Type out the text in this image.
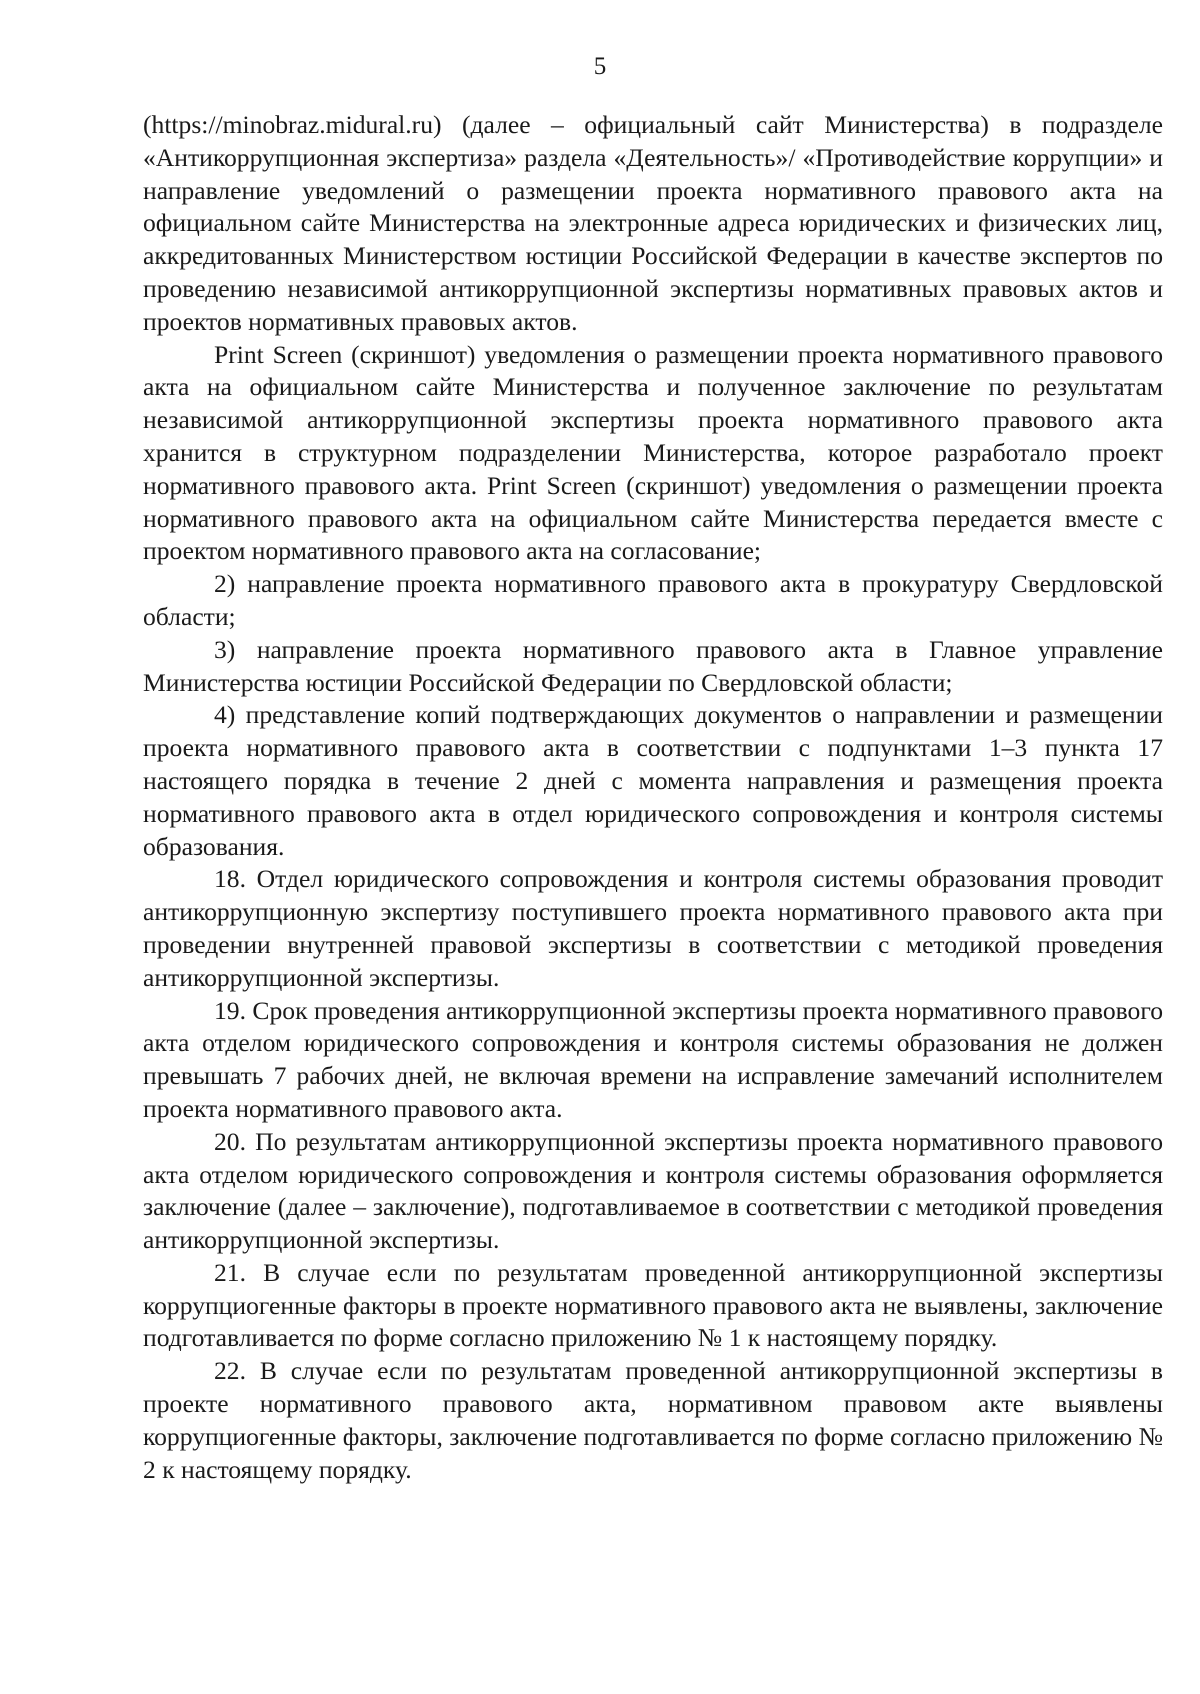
5

(https://minobraz.midural.ru) (далее – официальный сайт Министерства) в подразделе «Антикоррупционная экспертиза» раздела «Деятельность»/ «Противодействие коррупции» и направление уведомлений о размещении проекта нормативного правового акта на официальном сайте Министерства на электронные адреса юридических и физических лиц, аккредитованных Министерством юстиции Российской Федерации в качестве экспертов по проведению независимой антикоррупционной экспертизы нормативных правовых актов и проектов нормативных правовых актов.

Print Screen (скриншот) уведомления о размещении проекта нормативного правового акта на официальном сайте Министерства и полученное заключение по результатам независимой антикоррупционной экспертизы проекта нормативного правового акта хранится в структурном подразделении Министерства, которое разработало проект нормативного правового акта. Print Screen (скриншот) уведомления о размещении проекта нормативного правового акта на официальном сайте Министерства передается вместе с проектом нормативного правового акта на согласование;

2) направление проекта нормативного правового акта в прокуратуру Свердловской области;

3) направление проекта нормативного правового акта в Главное управление Министерства юстиции Российской Федерации по Свердловской области;

4) представление копий подтверждающих документов о направлении и размещении проекта нормативного правового акта в соответствии с подпунктами 1–3 пункта 17 настоящего порядка в течение 2 дней с момента направления и размещения проекта нормативного правового акта в отдел юридического сопровождения и контроля системы образования.

18. Отдел юридического сопровождения и контроля системы образования проводит антикоррупционную экспертизу поступившего проекта нормативного правового акта при проведении внутренней правовой экспертизы в соответствии с методикой проведения антикоррупционной экспертизы.

19. Срок проведения антикоррупционной экспертизы проекта нормативного правового акта отделом юридического сопровождения и контроля системы образования не должен превышать 7 рабочих дней, не включая времени на исправление замечаний исполнителем проекта нормативного правового акта.

20. По результатам антикоррупционной экспертизы проекта нормативного правового акта отделом юридического сопровождения и контроля системы образования оформляется заключение (далее – заключение), подготавливаемое в соответствии с методикой проведения антикоррупционной экспертизы.

21. В случае если по результатам проведенной антикоррупционной экспертизы коррупциогенные факторы в проекте нормативного правового акта не выявлены, заключение подготавливается по форме согласно приложению № 1 к настоящему порядку.

22. В случае если по результатам проведенной антикоррупционной экспертизы в проекте нормативного правового акта, нормативном правовом акте выявлены коррупциогенные факторы, заключение подготавливается по форме согласно приложению № 2 к настоящему порядку.
